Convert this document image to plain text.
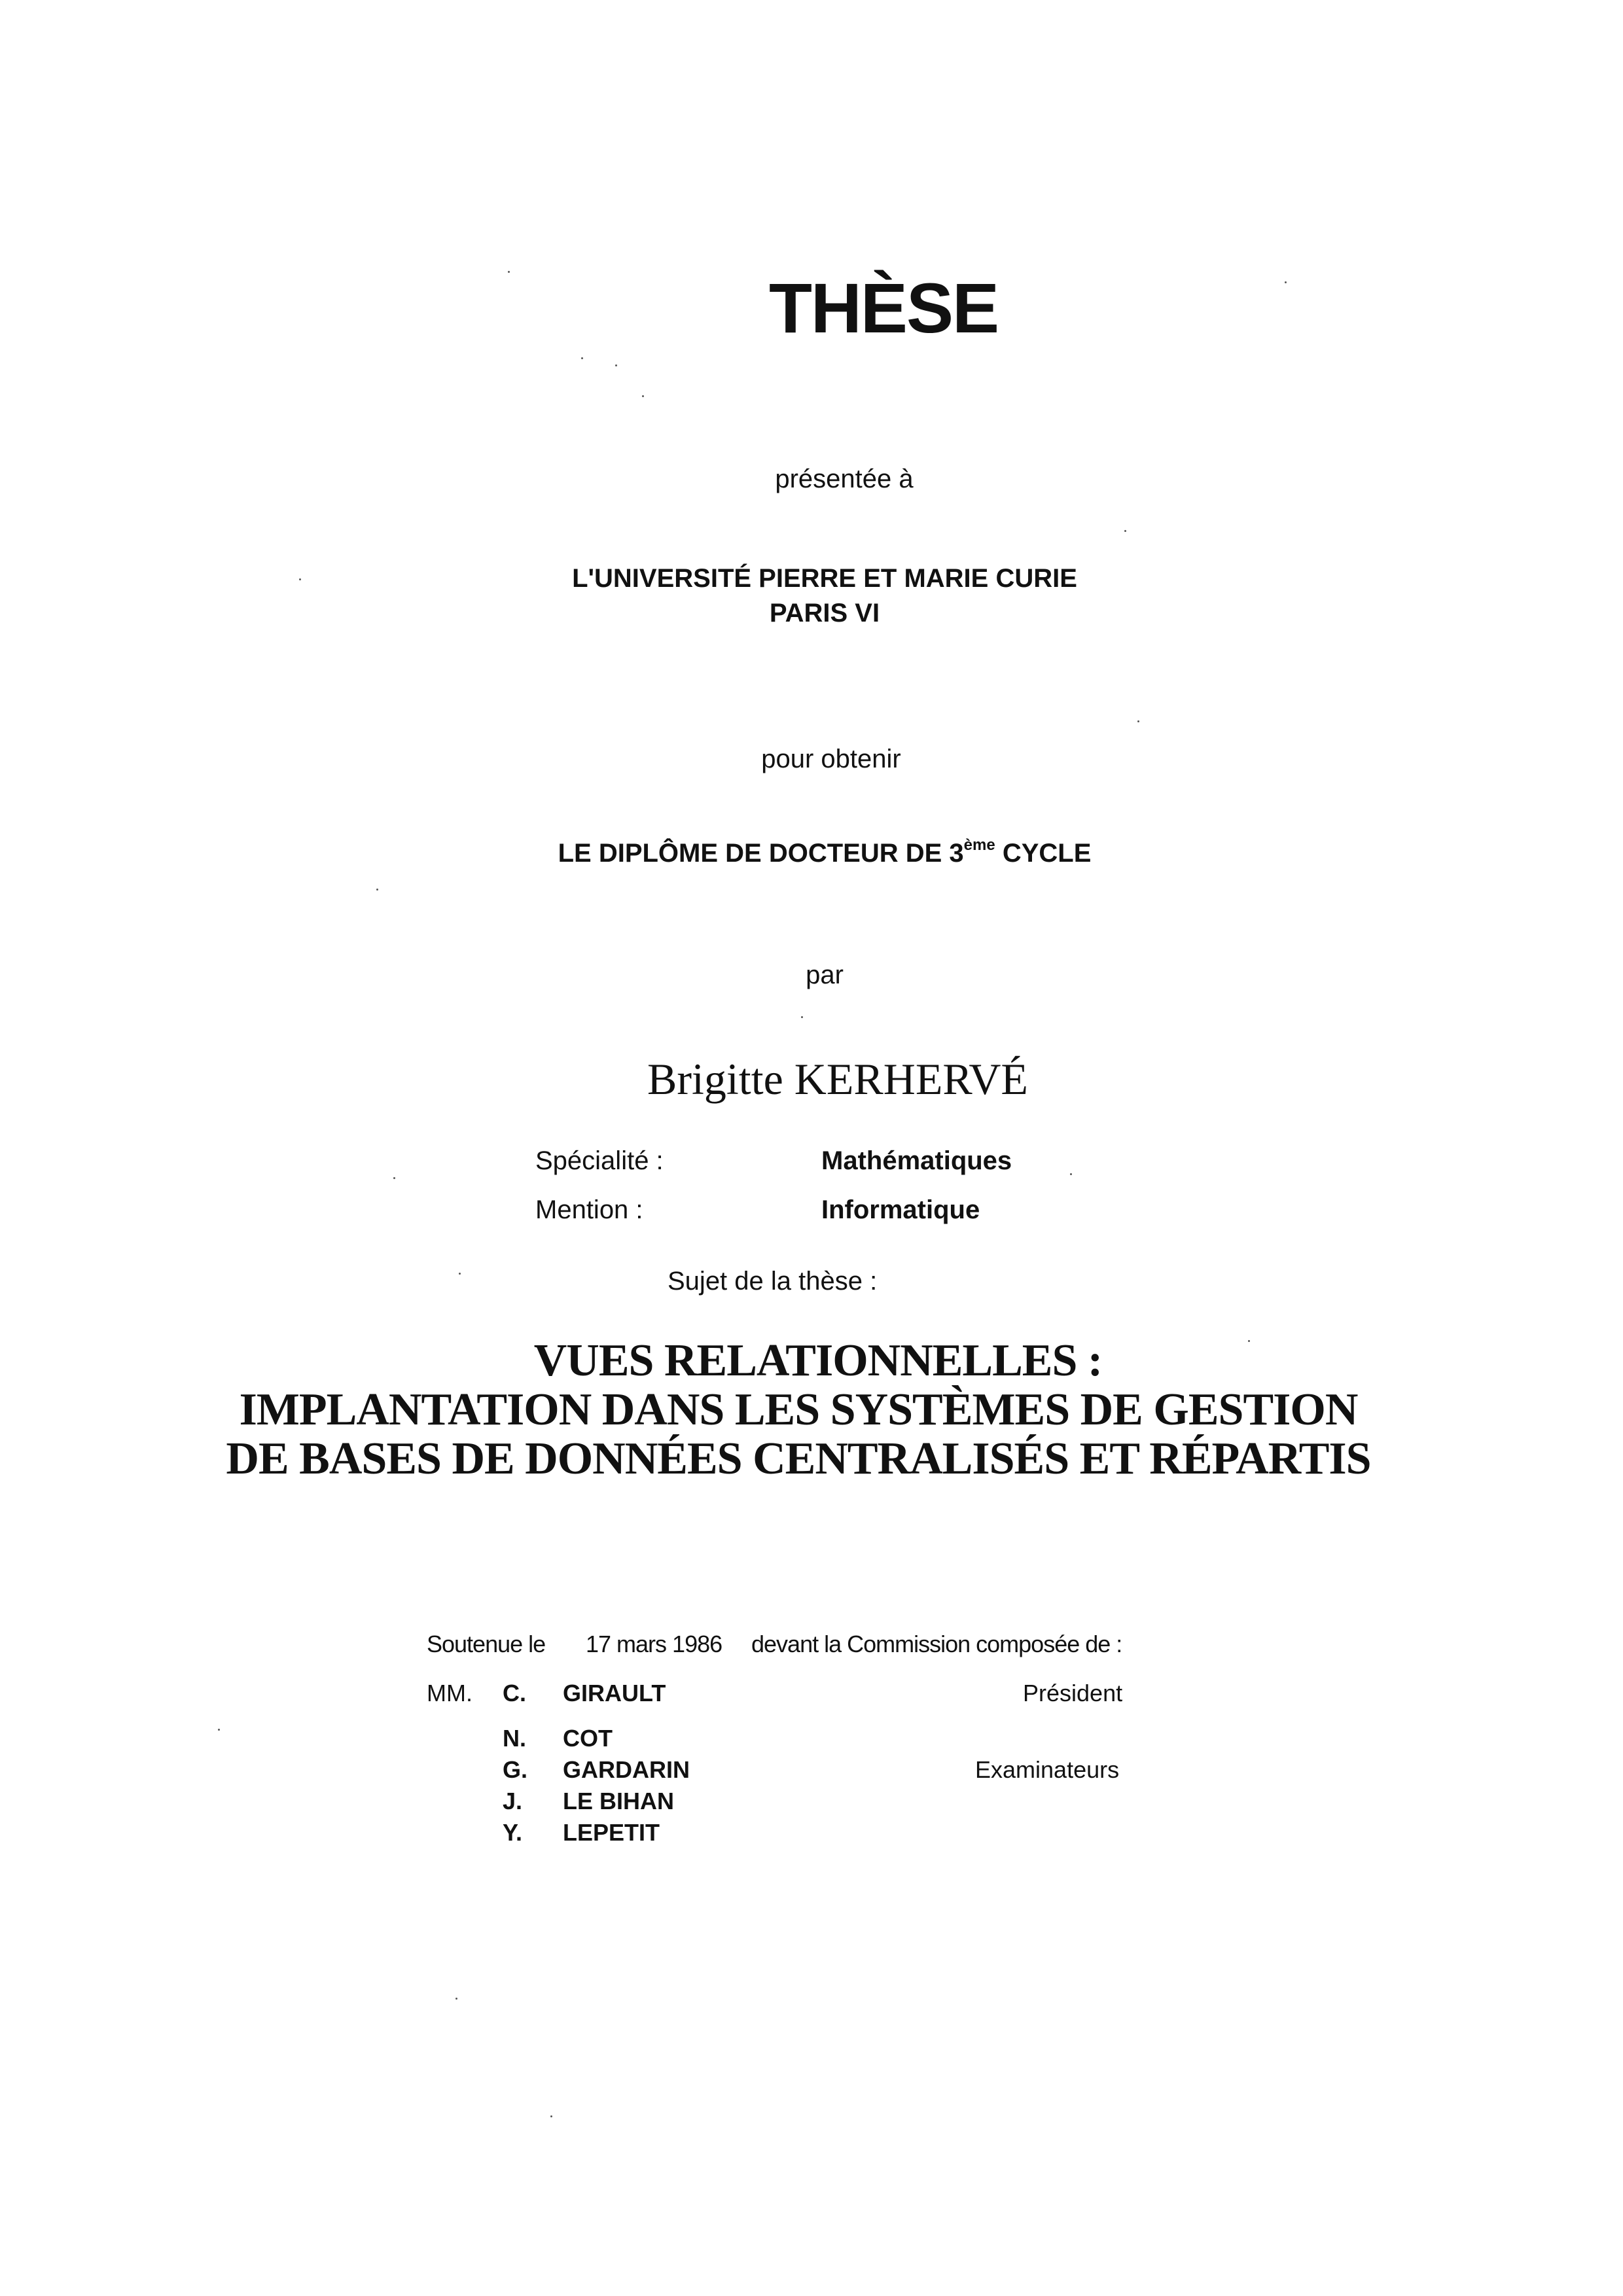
THÈSE
présentée à
L'UNIVERSITÉ PIERRE ET MARIE CURIE
PARIS VI
pour obtenir
LE DIPLÔME DE DOCTEUR DE 3ème CYCLE
par
Brigitte KERHERVÉ
Spécialité :	Mathématiques
Mention :	Informatique
Sujet de la thèse :
VUES RELATIONNELLES :
IMPLANTATION DANS LES SYSTÈMES DE GESTION
DE BASES DE DONNÉES CENTRALISÉS ET RÉPARTIS
Soutenue le 17 mars 1986 devant la Commission composée de :
MM. C. GIRAULT	Président
N. COT
G. GARDARIN	Examinateurs
J. LE BIHAN
Y. LEPETIT
